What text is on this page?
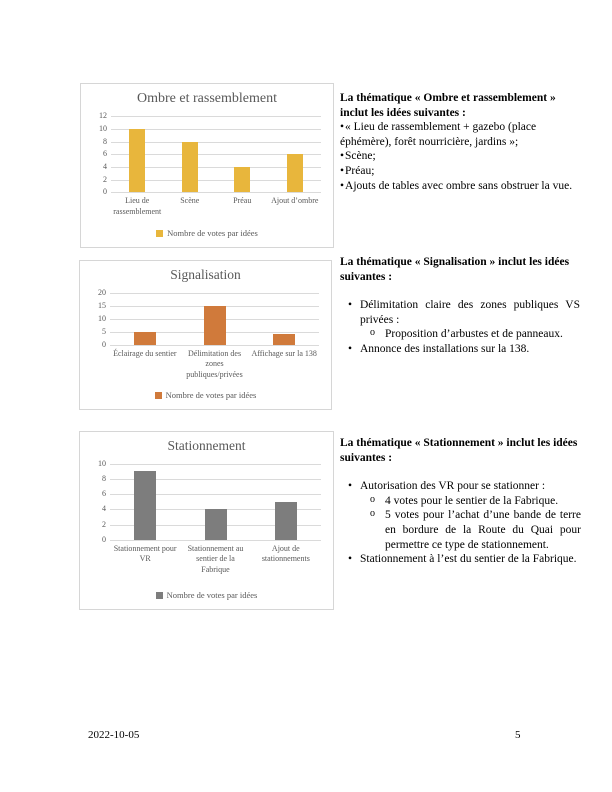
Ombre et rassemblement
0
2
4
6
8
10
12
Lieu de rassemblement
Scène	Préau	Ajout d’ombre
Nombre de votes par idées
La thématique « Ombre et rassemblement » inclut les idées suivantes :
•« Lieu de rassemblement + gazebo (place éphémère), forêt nourricière, jardins »;
•Scène;
•Préau;
•Ajouts de tables avec ombre sans obstruer la vue.
Signalisation
0
5
10
15
20
Éclairage du sentier	Délimitation des zones publiques/privées
Affichage sur la 138
Nombre de votes par idées
La thématique « Signalisation » inclut les idées suivantes :
• Délimitation claire des zones publiques VS privées :
o Proposition d’arbustes et de panneaux.
• Annonce des installations sur la 138.
Stationnement
0
2
4
6
8
10
Stationnement pour VR
Stationnement au sentier de la Fabrique
Ajout de stationnements
Nombre de votes par idées
La thématique « Stationnement » inclut les idées suivantes :
• Autorisation des VR pour se stationner :
o 4 votes pour le sentier de la Fabrique.
o 5 votes pour l’achat d’une bande de terre en bordure de la Route du Quai pour permettre ce type de stationnement.
• Stationnement à l’est du sentier de la Fabrique.
2022-10-05	5
